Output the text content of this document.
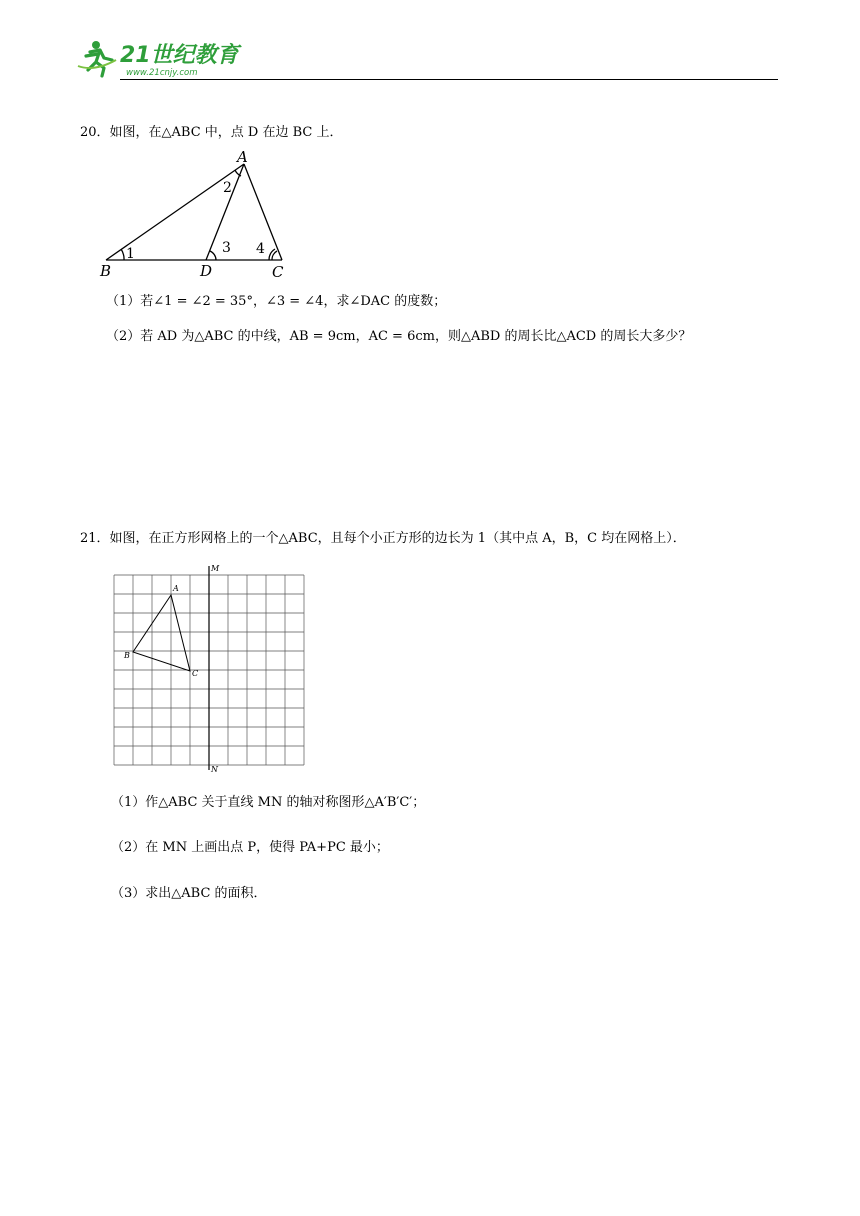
21世纪教育
www.21cnjy.com
20．如图，在△ABC 中，点 D 在边 BC 上．
A
B	C
D
1
2
3 4
（1）若∠1 = ∠2 = 35°，∠3 = ∠4，求∠DAC 的度数；
（2）若 AD 为△ABC 的中线，AB = 9cm，AC = 6cm，则△ABD 的周长比△ACD 的周长大多少？
21．如图，在正方形网格上的一个△ABC，且每个小正方形的边长为 1（其中点 A，B，C 均在网格上）．
A
B
C
M
N
（1）作△ABC 关于直线 MN 的轴对称图形△A′B′C′；
（2）在 MN 上画出点 P，使得 PA+PC 最小；
（3）求出△ABC 的面积．
